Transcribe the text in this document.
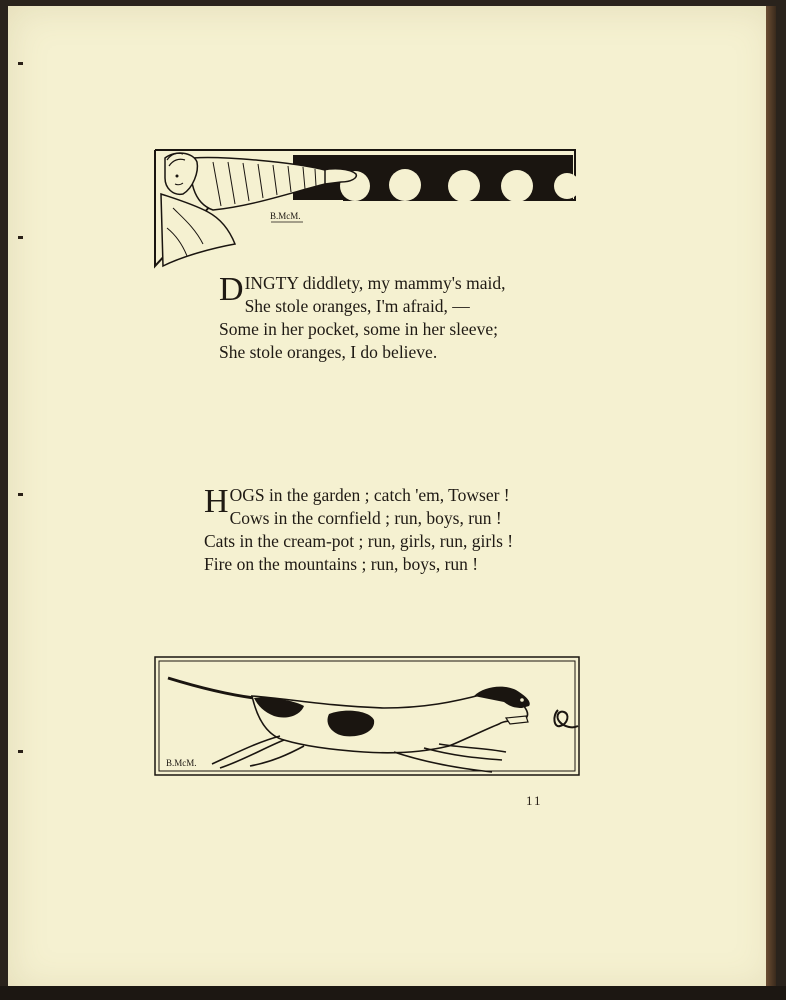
B.McM.
DINGTY diddlety, my mammy's maid,
She stole oranges, I'm afraid, —
Some in her pocket, some in her sleeve;
She stole oranges, I do believe.
HOGS in the garden ; catch 'em, Towser !
Cows in the cornfield ; run, boys, run !
Cats in the cream-pot ; run, girls, run, girls !
Fire on the mountains ; run, boys, run !
B.McM.
11
